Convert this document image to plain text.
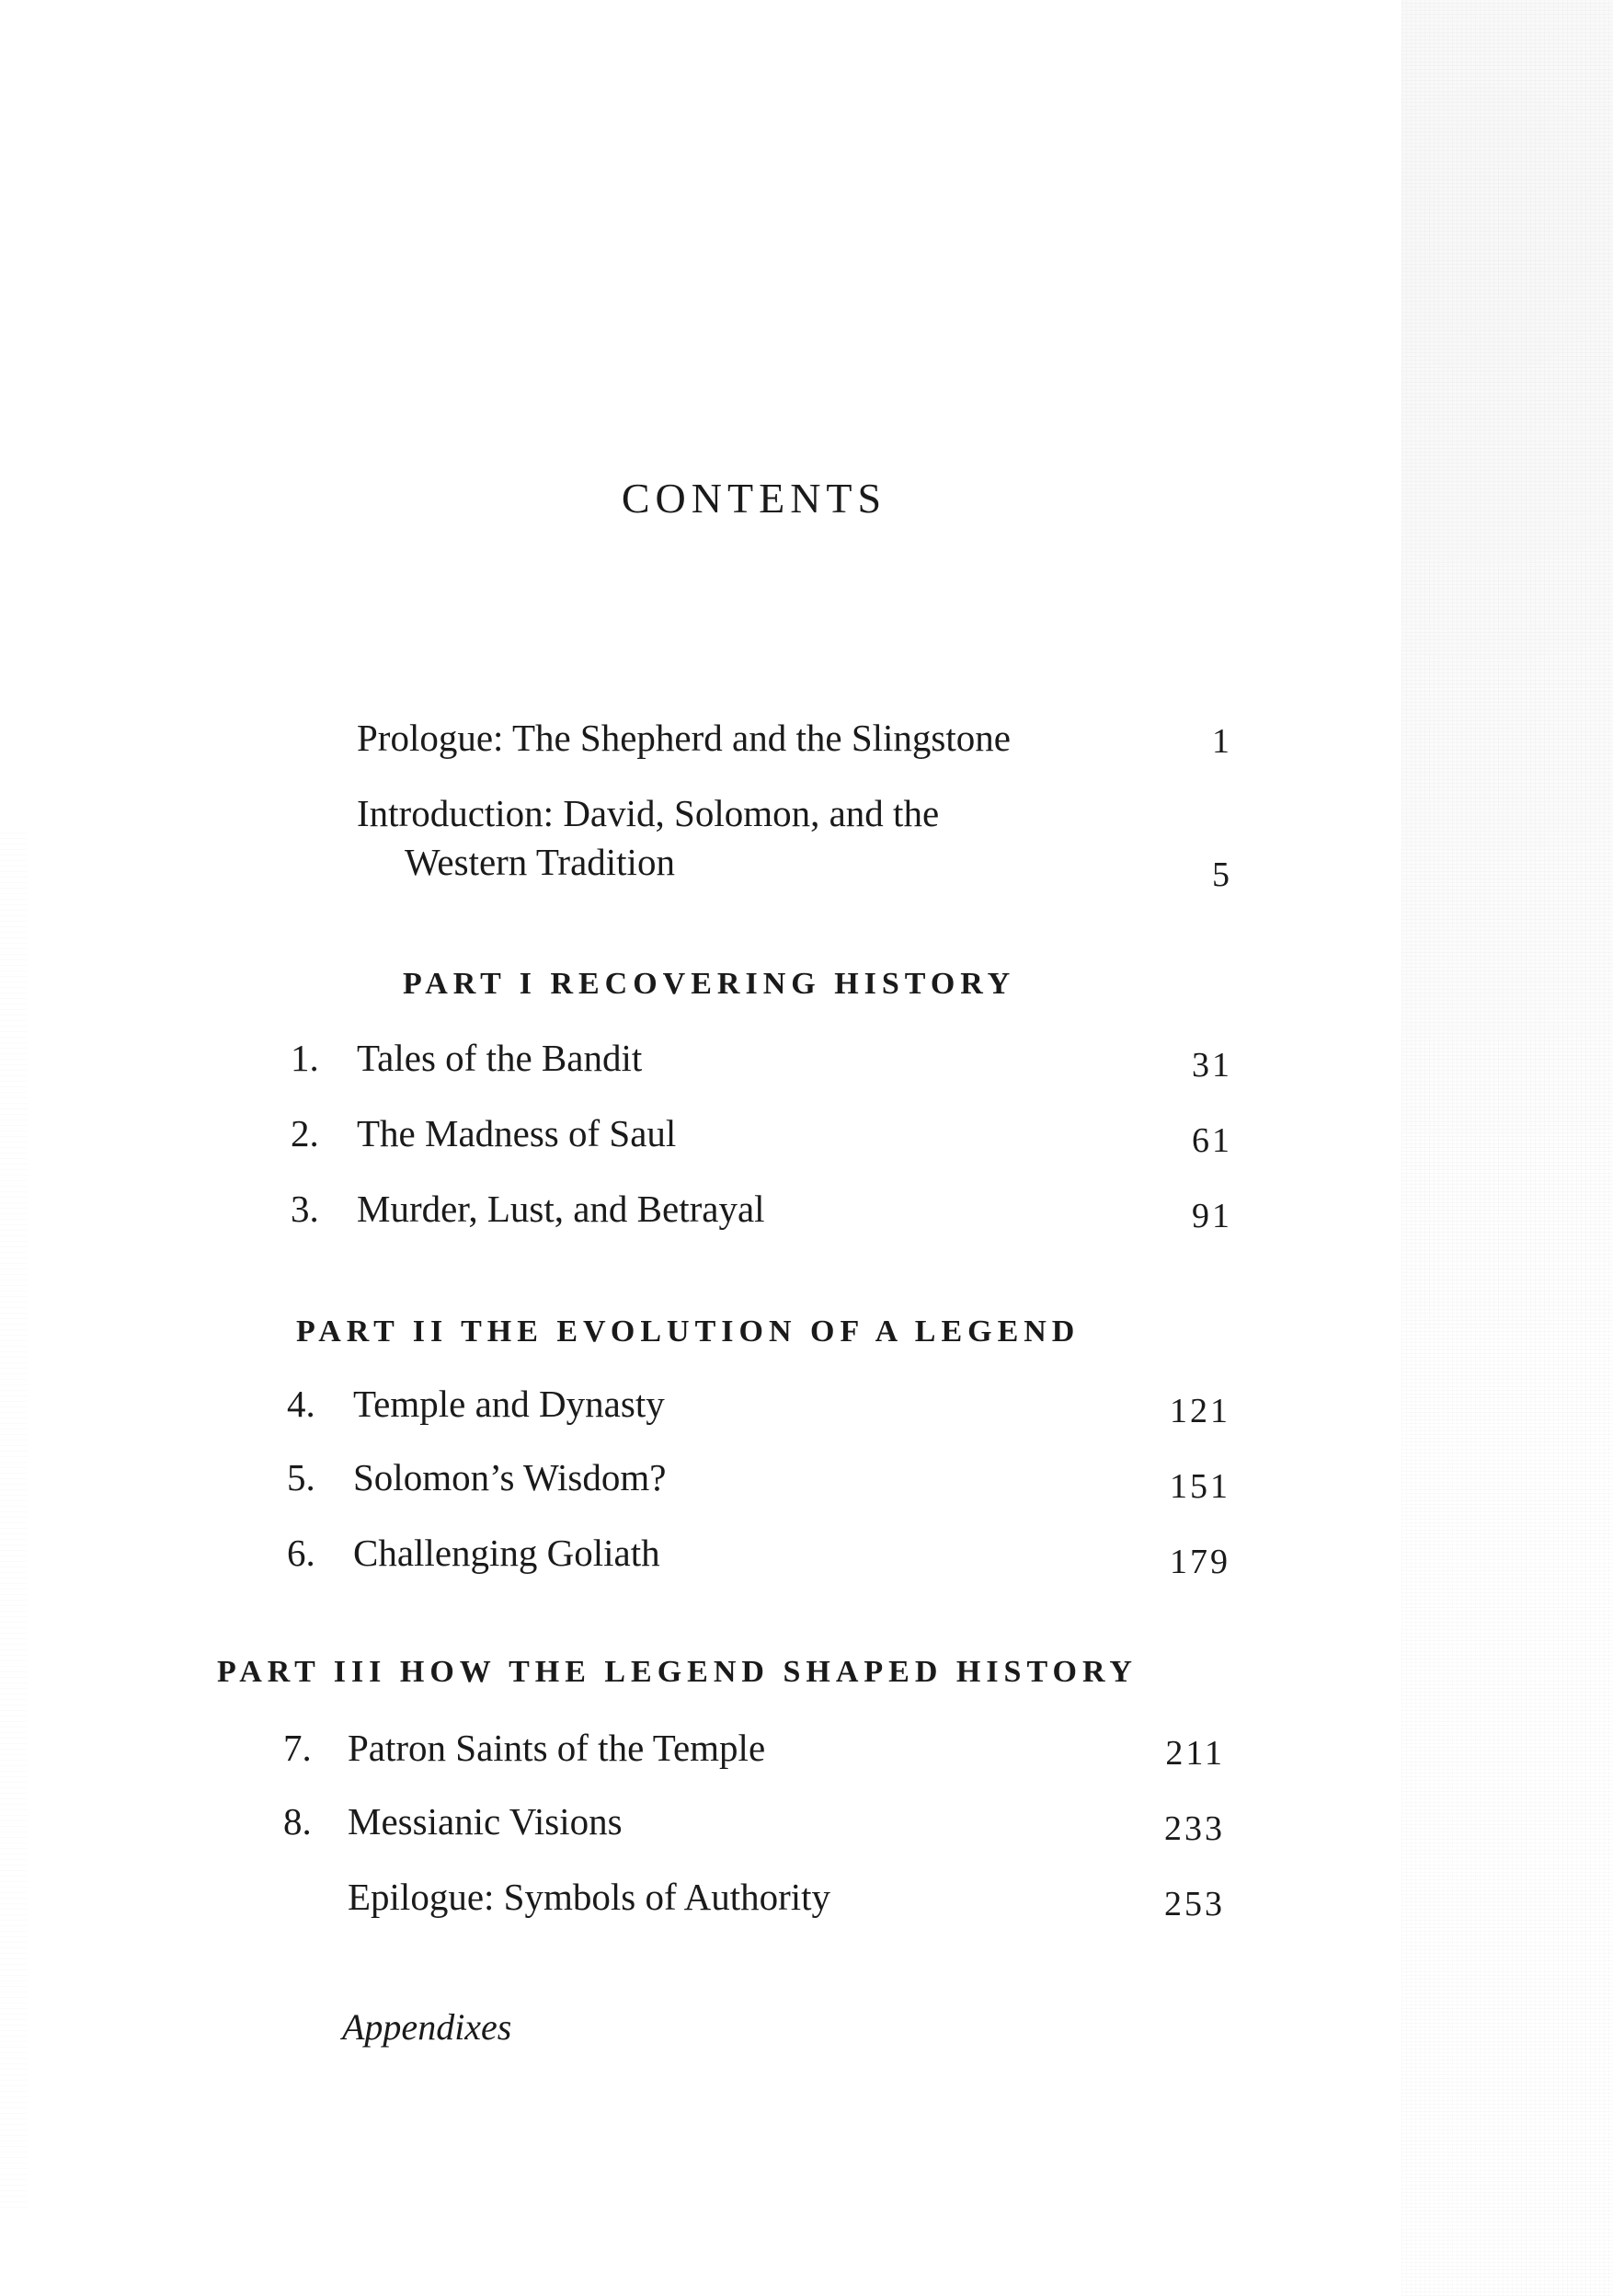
CONTENTS
Prologue: The Shepherd and the Slingstone	1
Introduction: David, Solomon, and the
Western Tradition	5
PART I RECOVERING HISTORY
1. Tales of the Bandit	31
2. The Madness of Saul	61
3. Murder, Lust, and Betrayal	91
PART II THE EVOLUTION OF A LEGEND
4. Temple and Dynasty	121
5. Solomon’s Wisdom?	151
6. Challenging Goliath	179
PART III HOW THE LEGEND SHAPED HISTORY
7. Patron Saints of the Temple	211
8. Messianic Visions	233
Epilogue: Symbols of Authority	253
Appendixes
